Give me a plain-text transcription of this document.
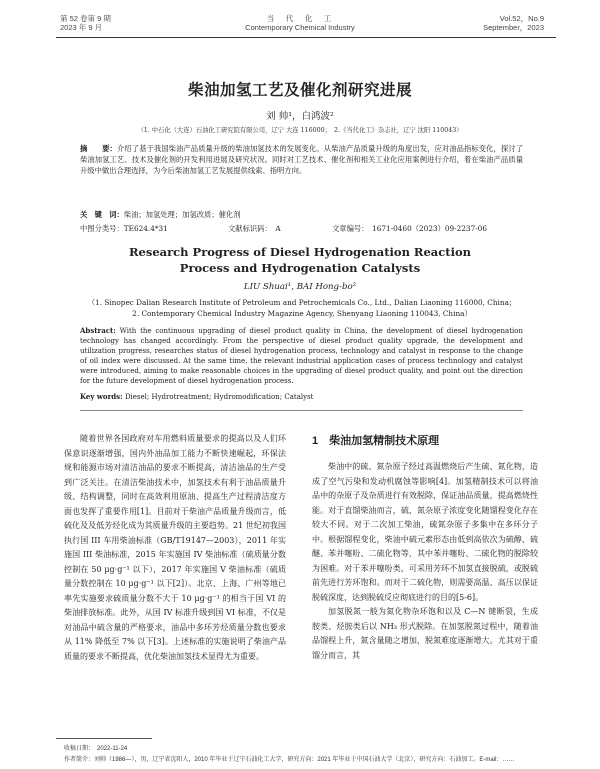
第 52 卷第 9 期
2023 年 9 月
当　代　化　工
Contemporary Chemical Industry
Vol.52，No.9
September，2023
柴油加氢工艺及催化剂研究进展
刘 帅¹，白鸿波²
（1. 中石化（大连）石油化工研究院有限公司，辽宁 大连 116000；　2.《当代化工》杂志社，辽宁 沈阳 110043）
摘　　要：介绍了基于我国柴油产品质量升级的柴油加氢技术的发展变化。从柴油产品质量升级的角度出发，应对油品指标变化，探讨了柴油加氢工艺、技术及催化剂的开发利用进展及研究状况。同时对工艺技术、催化剂和相关工业化应用案例进行介绍，着在柴油产品质量升级中做出合理选择，为今后柴油加氢工艺发展提供线索、指明方向。
关　键　词：柴油；加氢处理；加氢改质；催化剂
中图分类号：TE624.4*31	文献标识码：　A	文章编号：　1671-0460（2023）09-2237-06
Research Progress of Diesel Hydrogenation Reaction
Process and Hydrogenation Catalysts
LIU Shuai¹, BAI Hong-bo²
（1. Sinopec Dalian Research Institute of Petroleum and Petrochemicals Co., Ltd., Dalian Liaoning 116000, China；
2. Contemporary Chemical Industry Magazine Agency, Shenyang Liaoning 110043, China）
Abstract: With the continuous upgrading of diesel product quality in China, the development of diesel hydrogenation technology has changed accordingly. From the perspective of diesel product quality upgrade, the development and utilization progress, researches status of diesel hydrogenation process, technology and catalyst in response to the change of oil index were discussed. At the same time, the relevant industrial application cases of process technology and catalyst were introduced, aiming to make reasonable choices in the upgrading of diesel product quality, and point out the direction for the future development of diesel hydrogenation process.
Key words: Diesel; Hydrotreatment; Hydromodification; Catalyst

随着世界各国政府对车用燃料质量要求的提高以及人们环保意识逐渐增强，国内外油品加工能力不断快速崛起，环保法规和能源市场对清洁油品的要求不断提高，清洁油品的生产受到广泛关注。在清洁柴油技术中，加氢技术有利于油品质量升级、结构调整，同时在高效利用原油、提高生产过程清洁度方面也发挥了重要作用[1]。目前对于柴油产品质量升级而言，低硫化及及低芳烃化成为其质量升级的主要趋势。21 世纪初我国执行国 III 车用柴油标准（GB/T19147—2003），2011 年实施国 III 柴油标准，2015 年实施国 IV 柴油标准（硫质量分数控制在 50 μg·g⁻¹ 以下），2017 年实施国 V 柴油标准（硫质量分数控制在 10 μg·g⁻¹ 以下[2]）。北京、上海、广州等地已率先实施要求硫质量分数不大于 10 μg·g⁻¹ 的相当于国 VI 的柴油排放标准。此外，从国 IV 标准升级到国 VI 标准，不仅是对油品中硫含量的严格要求，油品中多环芳烃质量分数也要求从 11% 降低至 7% 以下[3]。上述标准的实施说明了柴油产品质量的要求不断提高，优化柴油加氢技术显得尤为重要。

1　柴油加氢精制技术原理

柴油中的硫、氮杂原子经过高温燃烧后产生硫、氮化物，造成了空气污染和发动机腐蚀等影响[4]。加氢精制技术可以将油品中的杂原子及杂质进行有效脱除，保证油品质量，提高燃烧性能。对于直馏柴油而言，硫、氮杂原子浓度变化随馏程变化存在较大不同。对于二次加工柴油，硫氮杂原子多集中在多环分子中。根据馏程变化，柴油中硫元素形态由低到高依次为硫醇、硫醚、苯并噻吩、二硫化物等，其中苯并噻吩、二硫化物的脱除较为困难。对于苯并噻吩类，可采用芳环不加氢直接脱硫，或脱硫前先进行芳环饱和。而对于二硫化物，则需要高温、高压以保证脱硫深度，达到脱硫反应彻底进行的目的[5-6]。

加氢脱氮一般为氮化物杂环饱和以及 C—N 键断裂，生成胺类、烃胺类后以 NH₃ 形式脱除。在加氢脱氮过程中，随着油品馏程上升，氮含量随之增加，脱氮难度逐渐增大。尤其对于重馏分而言，其

收稿日期：　2022-11-24
作者简介：刘帅（1986—），男，辽宁省沈阳人，2010 年毕业于辽宁石油化工大学，研究方向：2021 年毕业于中国石油大学（北京），研究方向：石油加工。E-mail：……
